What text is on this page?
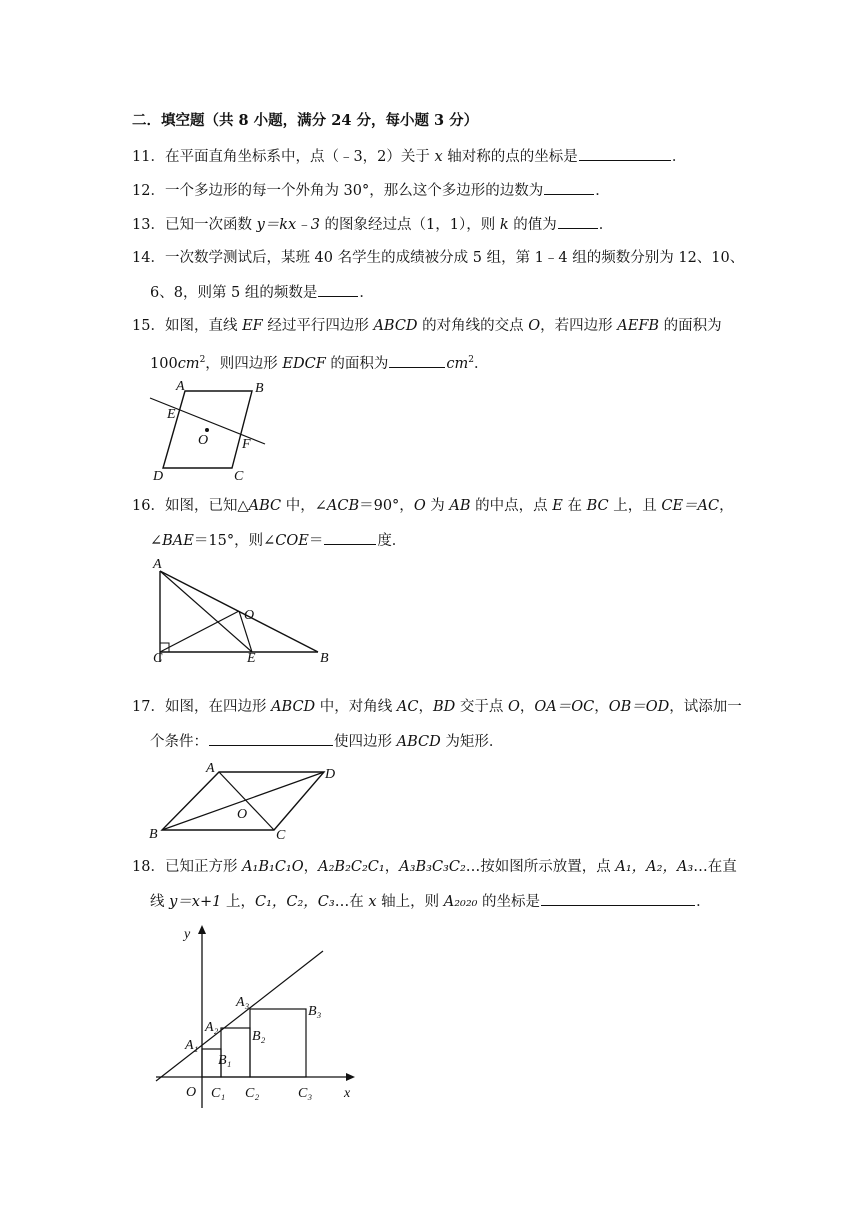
二．填空题（共 8 小题，满分 24 分，每小题 3 分）
11．在平面直角坐标系中，点（﹣3，2）关于 x 轴对称的点的坐标是	．
12．一个多边形的每一个外角为 30°，那么这个多边形的边数为	．
13．已知一次函数 y＝kx﹣3 的图象经过点（1，1），则 k 的值为	．
14．一次数学测试后，某班 40 名学生的成绩被分成 5 组，第 1﹣4 组的频数分别为 12、10、
6、8，则第 5 组的频数是	．
15．如图，直线 EF 经过平行四边形 ABCD 的对角线的交点 O，若四边形 AEFB 的面积为
$100cm^2$，则四边形 EDCF 的面积为	$cm^2$．
A	B
C
D
E
F
O
16．如图，已知△ABC 中，∠ACB＝90°，O 为 AB 的中点，点 E 在 BC 上，且 CE＝AC，
∠BAE＝15°，则∠COE＝	度．
A
O
C	E	B
17．如图，在四边形 ABCD 中，对角线 AC，BD 交于点 O，OA＝OC，OB＝OD，试添加一
个条件：	使四边形 ABCD 为矩形．
A	D
B	C
O
18．已知正方形 A₁B₁C₁O，A₂B₂C₂C₁，A₃B₃C₃C₂…按如图所示放置，点 A₁，A₂，A₃…在直
线 y＝x+1 上，C₁，C₂，C₃…在 x 轴上，则 A₂₀₂₀ 的坐标是	．
y
x
O
A₁
A₂
A₃
B₁
B₂
B₃
C₁ C₂	C₃
